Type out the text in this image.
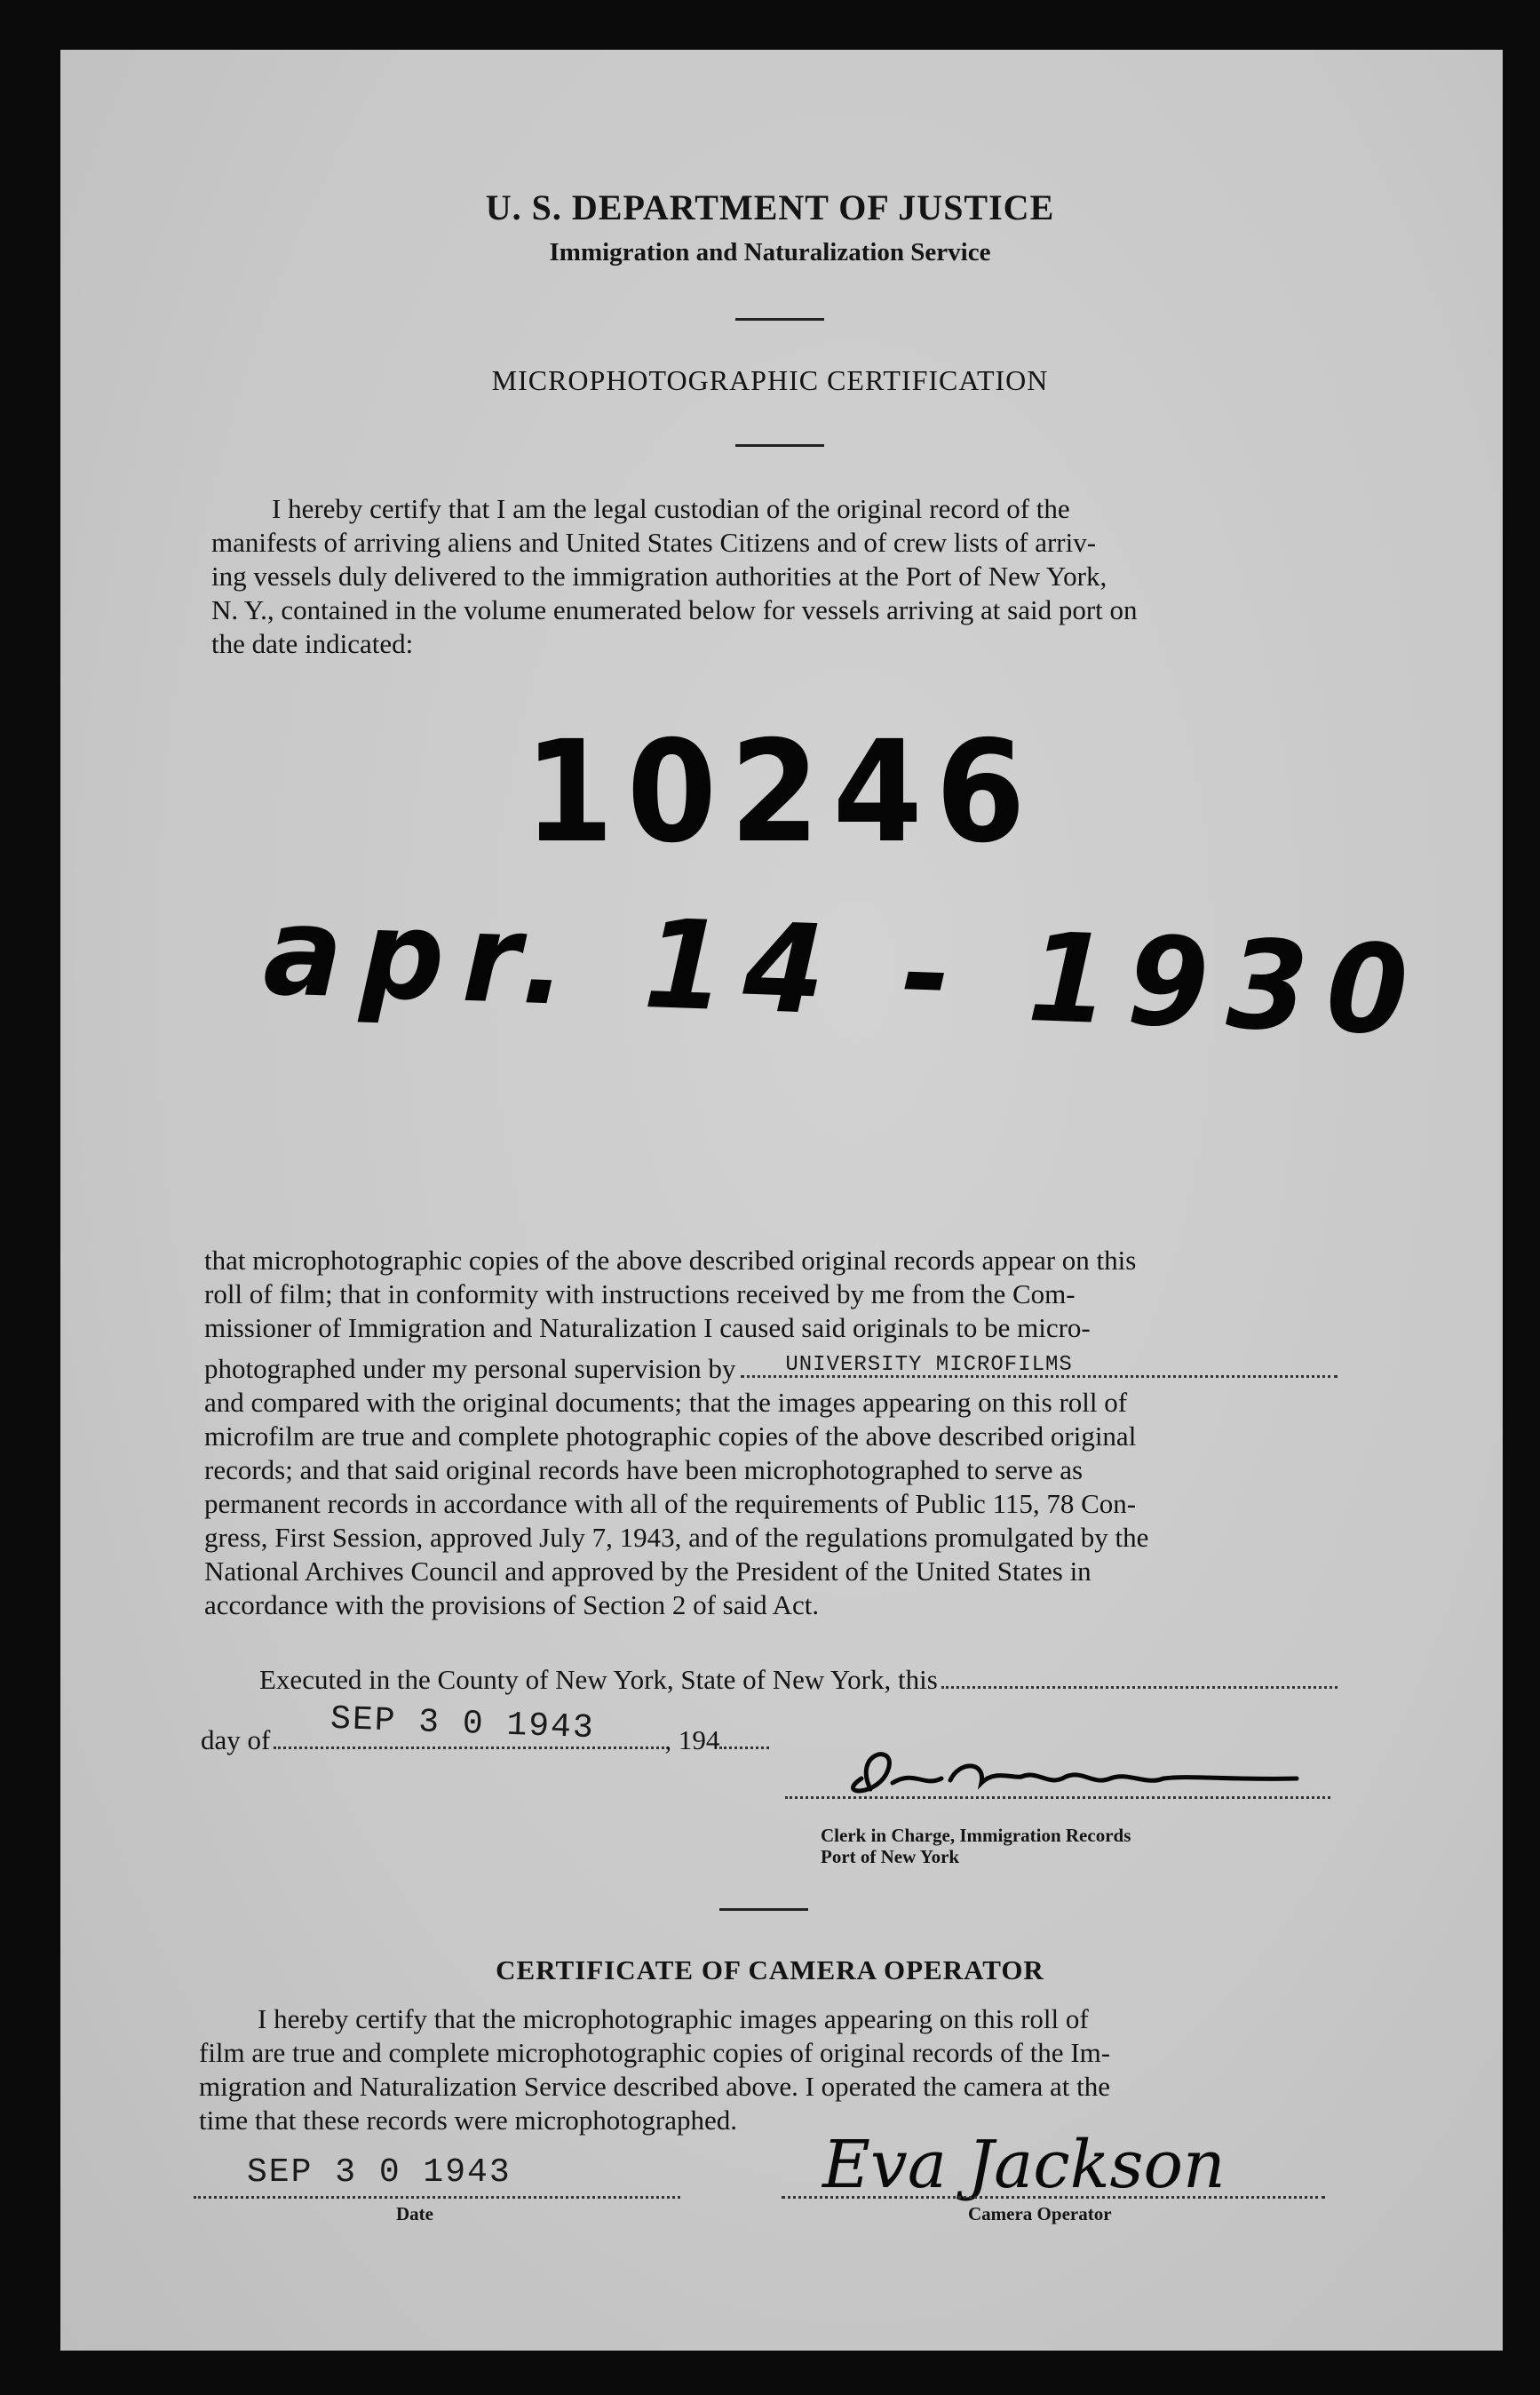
U. S. DEPARTMENT OF JUSTICE
Immigration and Naturalization Service
MICROPHOTOGRAPHIC CERTIFICATION
I hereby certify that I am the legal custodian of the original record of the
manifests of arriving aliens and United States Citizens and of crew lists of arriv-
ing vessels duly delivered to the immigration authorities at the Port of New York,
N. Y., contained in the volume enumerated below for vessels arriving at said port on
the date indicated:
10246
apr. 14 - 1930
that microphotographic copies of the above described original records appear on this
roll of film; that in conformity with instructions received by me from the Com-
missioner of Immigration and Naturalization I caused said originals to be micro-
photographed under my personal supervision by UNIVERSITY MICROFILMS
and compared with the original documents; that the images appearing on this roll of
microfilm are true and complete photographic copies of the above described original
records; and that said original records have been microphotographed to serve as
permanent records in accordance with all of the requirements of Public 115, 78 Con-
gress, First Session, approved July 7, 1943, and of the regulations promulgated by the
National Archives Council and approved by the President of the United States in
accordance with the provisions of Section 2 of said Act.
Executed in the County of New York, State of New York, this
day of SEP 3 0 1943	, 194
Clerk in Charge, Immigration Records
Port of New York
CERTIFICATE OF CAMERA OPERATOR
I hereby certify that the microphotographic images appearing on this roll of
film are true and complete microphotographic copies of original records of the Im-
migration and Naturalization Service described above. I operated the camera at the
time that these records were microphotographed.
SEP 3 0 1943
Date
Eva Jackson
Camera Operator
